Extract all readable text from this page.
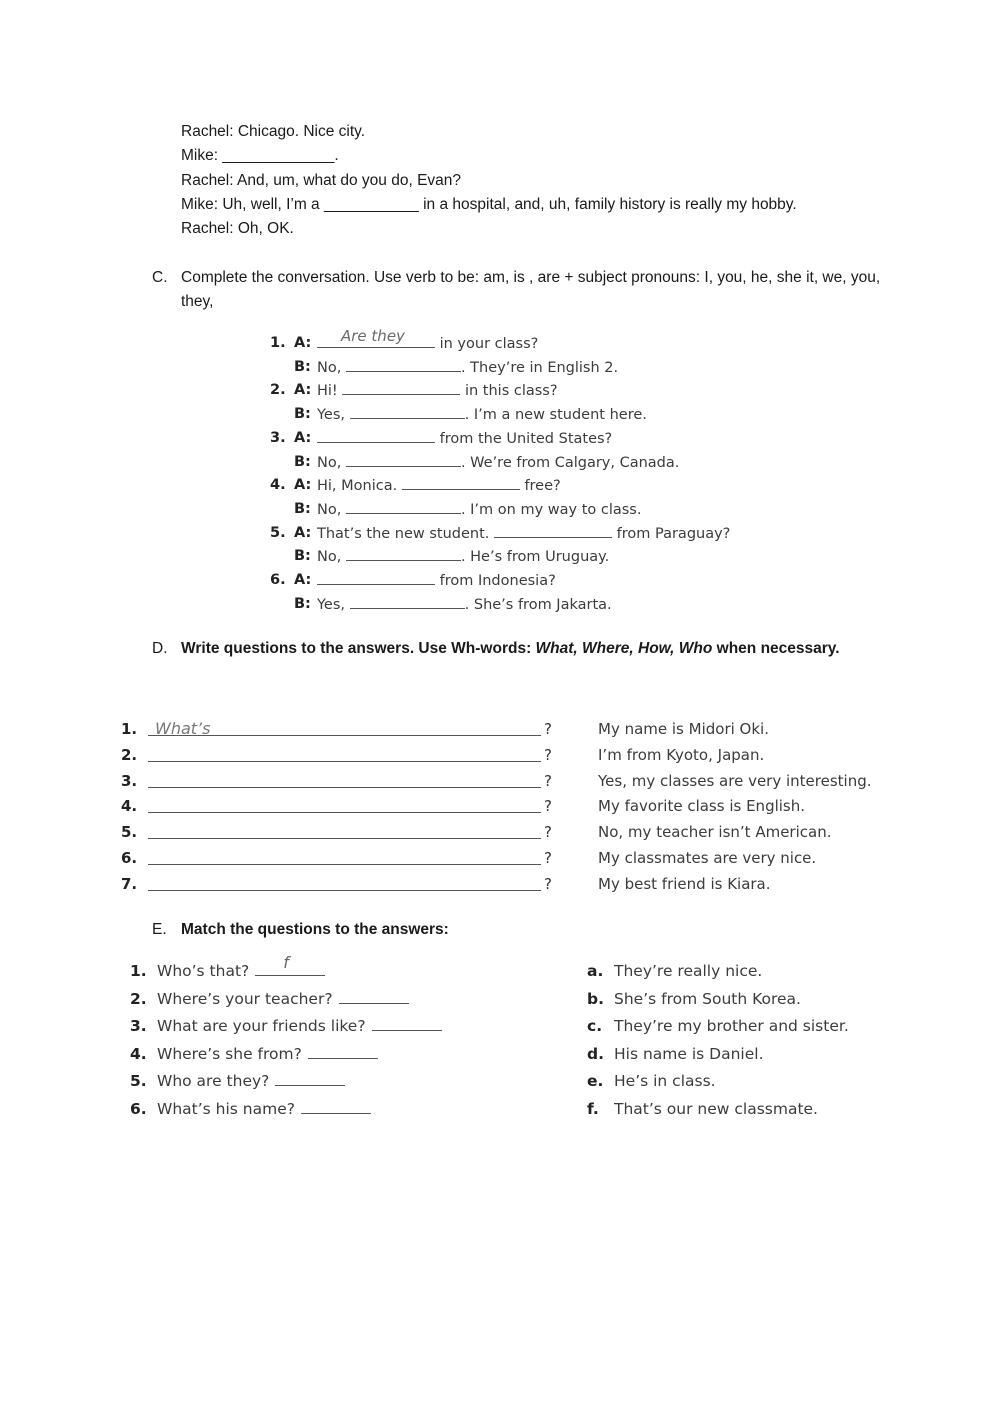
Rachel: Chicago. Nice city.
Mike: _____________.
Rachel: And, um, what do you do, Evan?
Mike: Uh, well, I’m a ___________ in a hospital, and, uh, family history is really my hobby.
Rachel: Oh, OK.
C. Complete the conversation. Use verb to be: am, is , are + subject pronouns: I, you, he, she it, we, you, they,
1. A: Are they in your class?
B: No,	. They’re in English 2.
2. A: Hi!	in this class?
B: Yes,	. I’m a new student here.
3. A:	from the United States?
B: No,	. We’re from Calgary, Canada.
4. A: Hi, Monica.	free?
B: No,	. I’m on my way to class.
5. A: That’s the new student.	from Paraguay?
B: No,	. He’s from Uruguay.
6. A:	from Indonesia?
B: Yes,	. She’s from Jakarta.
D. Write questions to the answers. Use Wh-words: What, Where, How, Who when necessary.
1. What’s	?	My name is Midori Oki.
2.	?	I’m from Kyoto, Japan.
3.	?	Yes, my classes are very interesting.
4.	?	My favorite class is English.
5.	?	No, my teacher isn’t American.
6.	?	My classmates are very nice.
7.	?	My best friend is Kiara.
E. Match the questions to the answers:
1. Who’s that? f	a. They’re really nice.
2. Where’s your teacher?	b. She’s from South Korea.
3. What are your friends like?	c. They’re my brother and sister.
4. Where’s she from?	d. His name is Daniel.
5. Who are they?	e. He’s in class.
6. What’s his name?	f. That’s our new classmate.
